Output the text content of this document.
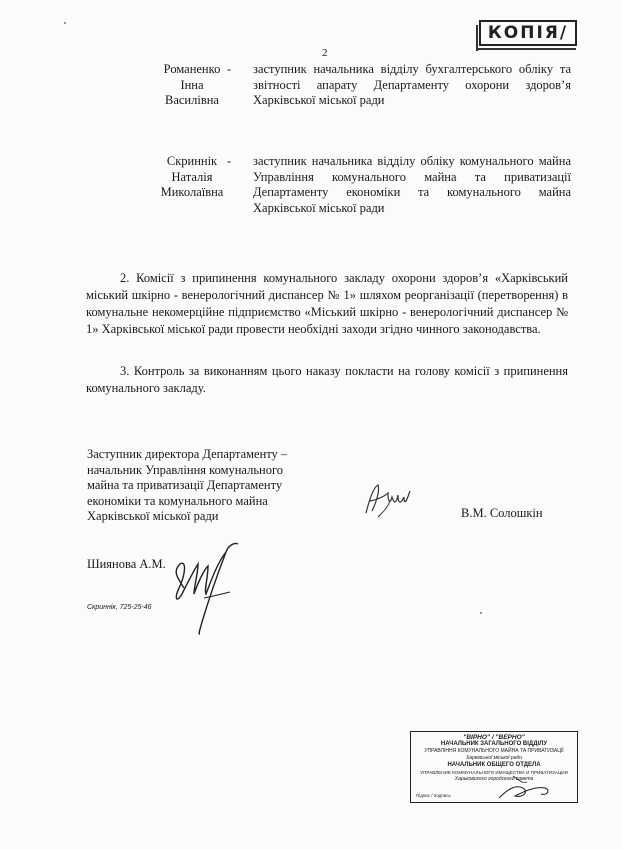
КОПІЯ/
2
Романенко
Інна
Василівна
- заступник начальника відділу бухгалтерського обліку та звітності апарату Департаменту охорони здоров’я Харківської міської ради
Скриннік
Наталія
Миколаївна
- заступник начальника відділу обліку комунального майна Управління комунального майна та приватизації Департаменту економіки та комунального майна Харківської міської ради
2. Комісії з припинення комунального закладу охорони здоров’я «Харківський міський шкірно - венерологічний диспансер № 1» шляхом реорганізації (перетворення) в комунальне некомерційне підприємство «Міський шкірно - венерологічний диспансер № 1» Харківської міської ради провести необхідні заходи згідно чинного законодавства.
3. Контроль за виконанням цього наказу покласти на голову комісії з припинення комунального закладу.
Заступник директора Департаменту –
начальник Управління комунального
майна та приватизації Департаменту
економіки та комунального майна
Харківської міської ради	В.М. Солошкін
Шиянова А.М.
Скриннік, 725-25-46
"ВІРНО" / "ВЕРНО"
НАЧАЛЬНИК ЗАГАЛЬНОГО ВІДДІЛУ
УПРАВЛІННЯ КОМУНАЛЬНОГО МАЙНА ТА ПРИВАТИЗАЦІЇ
Харківської міської ради
НАЧАЛЬНИК ОБЩЕГО ОТДЕЛА
УПРАВЛЕНИЕ КОММУНАЛЬНОГО ИМУЩЕСТВА И ПРИВАТИЗАЦИИ
Харьковского городского совета
Підпис / подпись
